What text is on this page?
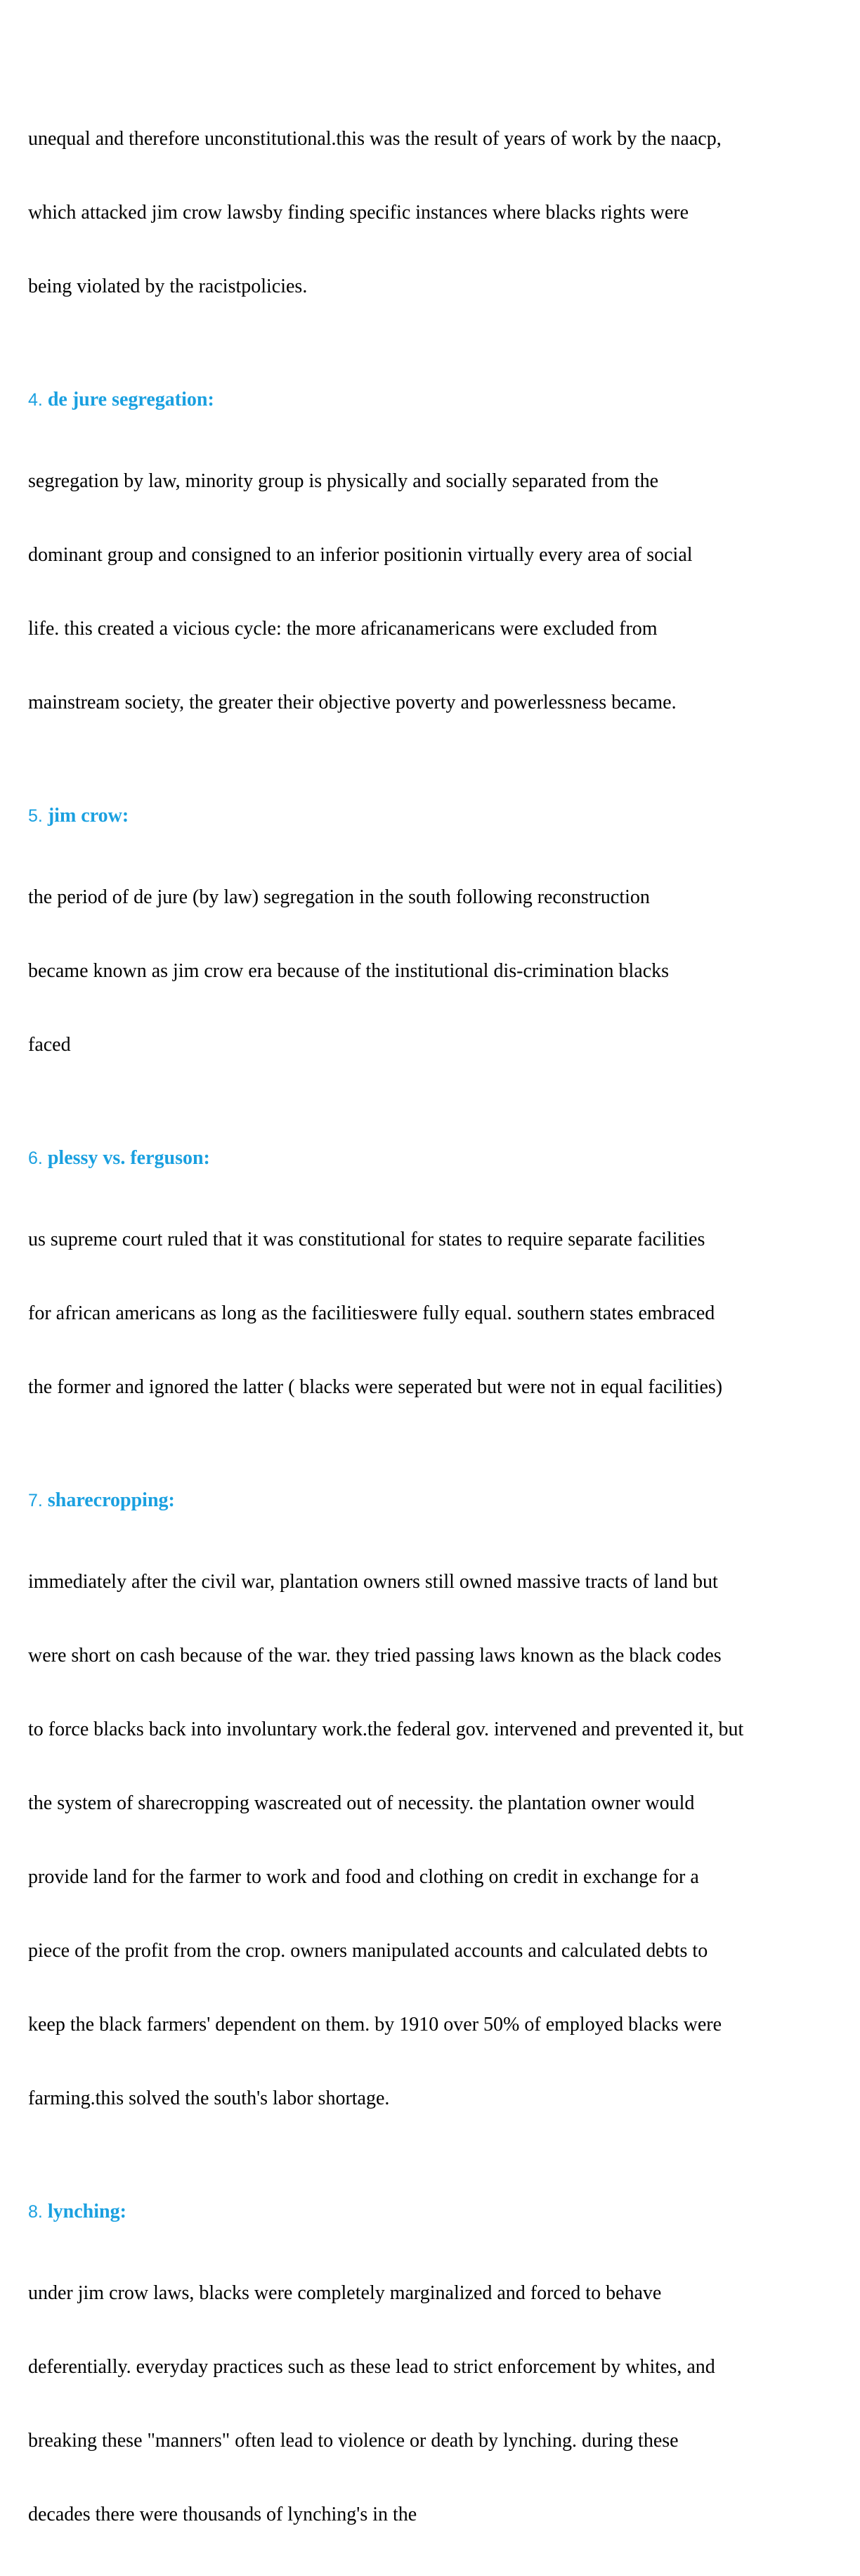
unequal and therefore unconstitutional.this was the result of years of work by the naacp,

which attacked jim crow lawsby finding specific instances where blacks rights were

being violated by the racistpolicies.

4. de jure segregation:

segregation by law, minority group is physically and socially separated from the

dominant group and consigned to an inferior positionin virtually every area of social

life. this created a vicious cycle: the more africanamericans were excluded from

mainstream society, the greater their objective poverty and powerlessness became.

5. jim crow:

the period of de jure (by law) segregation in the south following reconstruction

became known as jim crow era because of the institutional dis-crimination blacks

faced

6. plessy vs. ferguson:

us supreme court ruled that it was constitutional for states to require separate facilities

for african americans as long as the facilitieswere fully equal. southern states embraced

the former and ignored the latter ( blacks were seperated but were not in equal facilities)

7. sharecropping:

immediately after the civil war, plantation owners still owned massive tracts of land but

were short on cash because of the war. they tried passing laws known as the black codes

to force blacks back into involuntary work.the federal gov. intervened and prevented it, but

the system of sharecropping wascreated out of necessity. the plantation owner would

provide land for the farmer to work and food and clothing on credit in exchange for a

piece of the profit from the crop. owners manipulated accounts and calculated debts to

keep the black farmers' dependent on them. by 1910 over 50% of employed blacks were

farming.this solved the south's labor shortage.

8. lynching:

under jim crow laws, blacks were completely marginalized and forced to behave

deferentially. everyday practices such as these lead to strict enforcement by whites, and

breaking these "manners" often lead to violence or death by lynching. during these

decades there were thousands of lynching's in the
